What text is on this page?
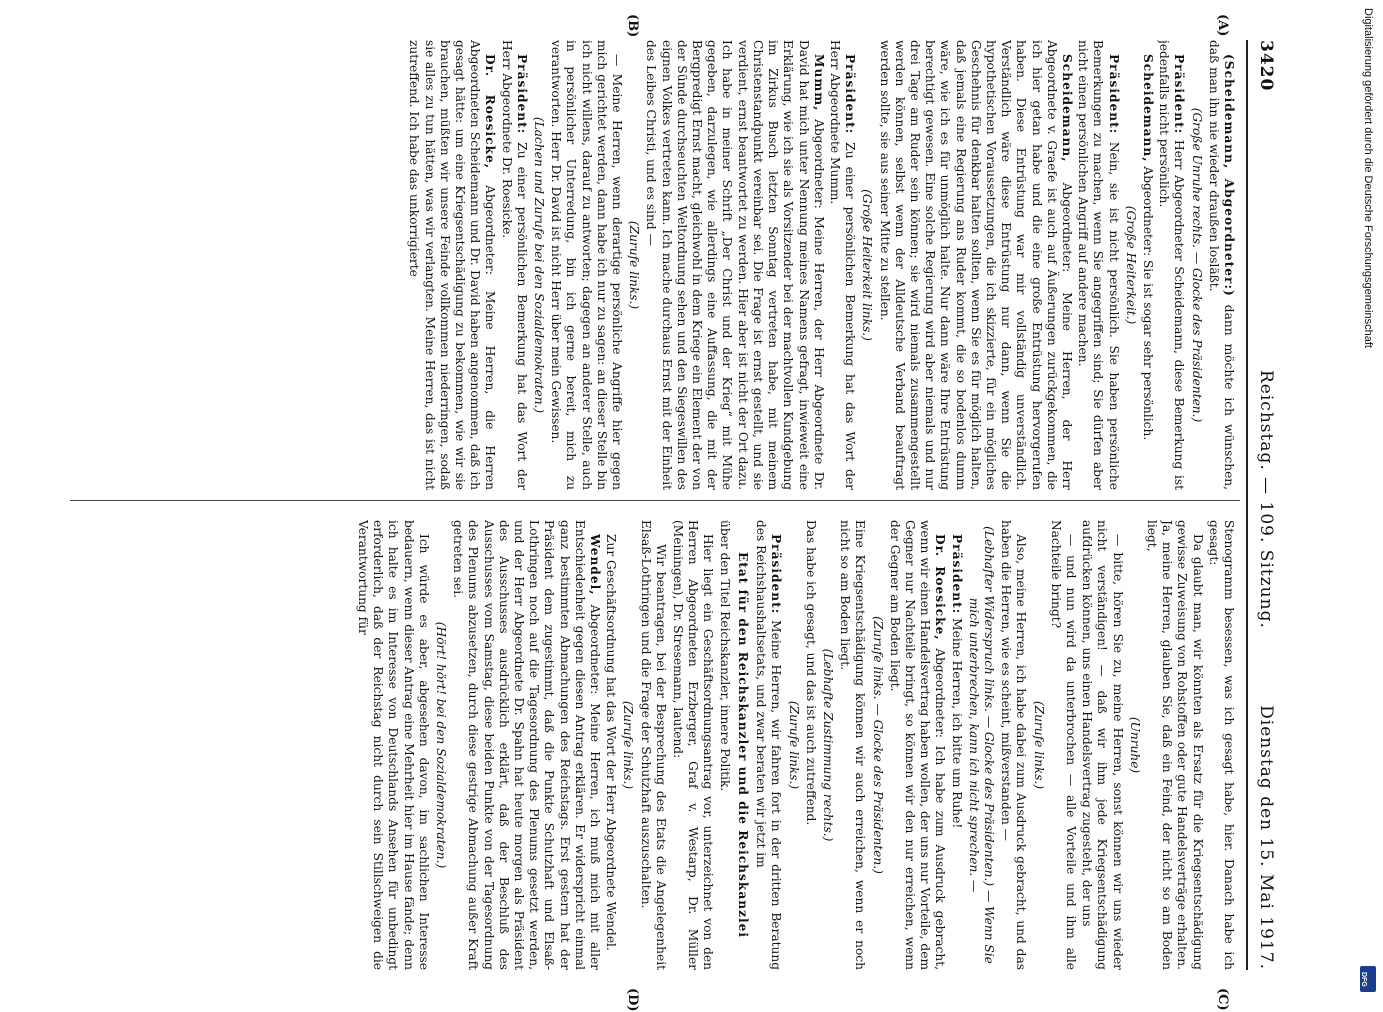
3420
Reichstag. — 109. Sitzung.
Dienstag den 15. Mai 1917.
(A)
(B)
(C)
(D)

(Scheidemann, Abgeordneter:) dann möchte ich wünschen, daß man ihn nie wieder draußen losläßt.

(Große Unruhe rechts. — Glocke des Präsidenten.)

Präsident: Herr Abgeordneter Scheidemann, diese Bemerkung ist jedenfalls nicht persönlich.

Scheidemann, Abgeordneter: Sie ist sogar sehr persönlich.

(Große Heiterkeit.)

Präsident: Nein, sie ist nicht persönlich. Sie haben persönliche Bemerkungen zu machen, wenn Sie angegriffen sind; Sie dürfen aber nicht einen persönlichen Angriff auf andere machen.

Scheidemann, Abgeordneter: Meine Herren, der Herr Abgeordnete v. Graefe ist auch auf Äußerungen zurückgekommen, die ich hier getan habe und die eine große Entrüstung hervorgerufen haben. Diese Entrüstung war mir vollständig unverständlich. Verständlich wäre diese Entrüstung nur dann, wenn Sie die hypothetischen Voraussetzungen, die ich skizzierte, für ein mögliches Geschehnis für denkbar halten sollten, wenn Sie es für möglich halten, daß jemals eine Regierung ans Ruder kommt, die so bodenlos dumm wäre, wie ich es für unmöglich halte. Nur dann wäre Ihre Entrüstung berechtigt gewesen. Eine solche Regierung wird aber niemals und nur drei Tage am Ruder sein können; sie wird niemals zusammengestellt werden können, selbst wenn der Alldeutsche Verband beauftragt werden sollte, sie aus seiner Mitte zu stellen.

(Große Heiterkeit links.)

Präsident: Zu einer persönlichen Bemerkung hat das Wort der Herr Abgeordnete Mumm.

Mumm, Abgeordneter: Meine Herren, der Herr Abgeordnete Dr. David hat mich unter Nennung meines Namens gefragt, inwieweit eine Erklärung, wie ich sie als Vorsitzender bei der machtvollen Kundgebung im Zirkus Busch letzten Sonntag vertreten habe, mit meinem Christenstandpunkt vereinbar sei. Die Frage ist ernst gestellt, und sie verdient, ernst beantwortet zu werden. Hier aber ist nicht der Ort dazu. Ich habe in meiner Schrift „Der Christ und der Krieg“ mit Mühe gegeben, darzulegen, wie allerdings eine Auffassung, die mit der Bergpredigt Ernst macht, gleichwohl in dem Kriege ein Element der von der Sünde durchseuchten Weltordnung sehen und den Siegeswillen des eignen Volkes vertreten kann. Ich mache durchaus Ernst mit der Einheit des Leibes Christi, und es sind —

(Zurufe links.)

— Meine Herren, wenn derartige persönliche Angriffe hier gegen mich gerichtet werden, dann habe ich nur zu sagen: an dieser Stelle bin ich nicht willens, darauf zu antworten; dagegen an anderer Stelle, auch in persönlicher Unterredung, bin ich gerne bereit, mich zu verantworten. Herr Dr. David ist nicht Herr über mein Gewissen.

(Lachen und Zurufe bei den Sozialdemokraten.)

Präsident: Zu einer persönlichen Bemerkung hat das Wort der Herr Abgeordnete Dr. Roesicke.

Dr. Roesicke, Abgeordneter: Meine Herren, die Herren Abgeordneten Scheidemann und Dr. David haben angenommen, daß ich gesagt hätte: um eine Kriegsentschädigung zu bekommen, wie wir sie brauchen, müßten wir unsere Feinde vollkommen niederringen, sodaß sie alles zu tun hätten, was wir verlangten. Meine Herren, das ist nicht zutreffend. Ich habe das unkorrigierte

Stenogramm besessen, was ich gesagt habe, hier. Danach habe ich gesagt:

Da glaubt man, wir könnten als Ersatz für die Kriegsentschädigung gewisse Zuweisung von Rohstoffen oder gute Handelsverträge erhalten. Ja, meine Herren, glauben Sie, daß ein Feind, der nicht so am Boden liegt,

(Unruhe)

— bitte, hören Sie zu, meine Herren, sonst können wir uns wieder nicht verständigen! — daß wir ihm jede Kriegsentschädigung aufdrücken können, uns einen Handelsvertrag zugesteht, der uns

— und nun wird da unterbrochen — alle Vorteile und ihm alle Nachteile bringt?

(Zurufe links.)

Also, meine Herren, ich habe dabei zum Ausdruck gebracht, und das haben die Herren, wie es scheint, mißverstanden —

(Lebhafter Widerspruch links. — Glocke des Präsidenten.) — Wenn Sie mich unterbrechen, kann ich nicht sprechen. —

Präsident: Meine Herren, ich bitte um Ruhe!

Dr. Roesicke, Abgeordneter: Ich habe zum Ausdruck gebracht, wenn wir einen Handelsvertrag haben wollen, der uns nur Vorteile, dem Gegner nur Nachteile bringt, so können wir den nur erreichen, wenn der Gegner am Boden liegt.

(Zurufe links. — Glocke des Präsidenten.)

Eine Kriegsentschädigung können wir auch erreichen, wenn er noch nicht so am Boden liegt.

(Lebhafte Zustimmung rechts.)

Das habe ich gesagt, und das ist auch zutreffend.

(Zurufe links.)

Präsident: Meine Herren, wir fahren fort in der dritten Beratung des Reichshaushaltsetats, und zwar beraten wir jetzt im

Etat für den Reichskanzler und die Reichskanzlei

über den Titel Reichskanzler, innere Politik.

Hier liegt ein Geschäftsordnungsantrag vor, unterzeichnet von den Herren Abgeordneten Erzberger, Graf v. Westarp, Dr. Müller (Meiningen), Dr. Stresemann, lautend:

Wir beantragen, bei der Besprechung des Etats die Angelegenheit Elsaß-Lothringen und die Frage der Schutzhaft auszuschalten.

(Zurufe links.)

Zur Geschäftsordnung hat das Wort der Herr Abgeordnete Wendel.

Wendel, Abgeordneter: Meine Herren, ich muß mich mit aller Entschiedenheit gegen diesen Antrag erklären. Er widerspricht einmal ganz bestimmten Abmachungen des Reichstags. Erst gestern hat der Präsident dem zugestimmt, daß die Punkte Schutzhaft und Elsaß-Lothringen noch auf die Tagesordnung des Plenums gesetzt werden, und der Herr Abgeordnete Dr. Spahn hat heute morgen als Präsident des Ausschusses ausdrücklich erklärt, daß der Beschluß des Ausschusses vom Samstag, diese beiden Punkte von der Tagesordnung des Plenums abzusetzen, durch diese gestrige Abmachung außer Kraft getreten sei.

(Hört! hört! bei den Sozialdemokraten.)

Ich würde es aber, abgesehen davon, im sachlichen Interesse bedauern, wenn dieser Antrag eine Mehrheit hier im Hause fände; denn ich halte es im Interesse von Deutschlands Ansehen für unbedingt erforderlich, daß der Reichstag nicht durch sein Stillschweigen die Verantwortung für

Digitalisierung gefördert durch die Deutsche Forschungsgemeinschaft
DFG
